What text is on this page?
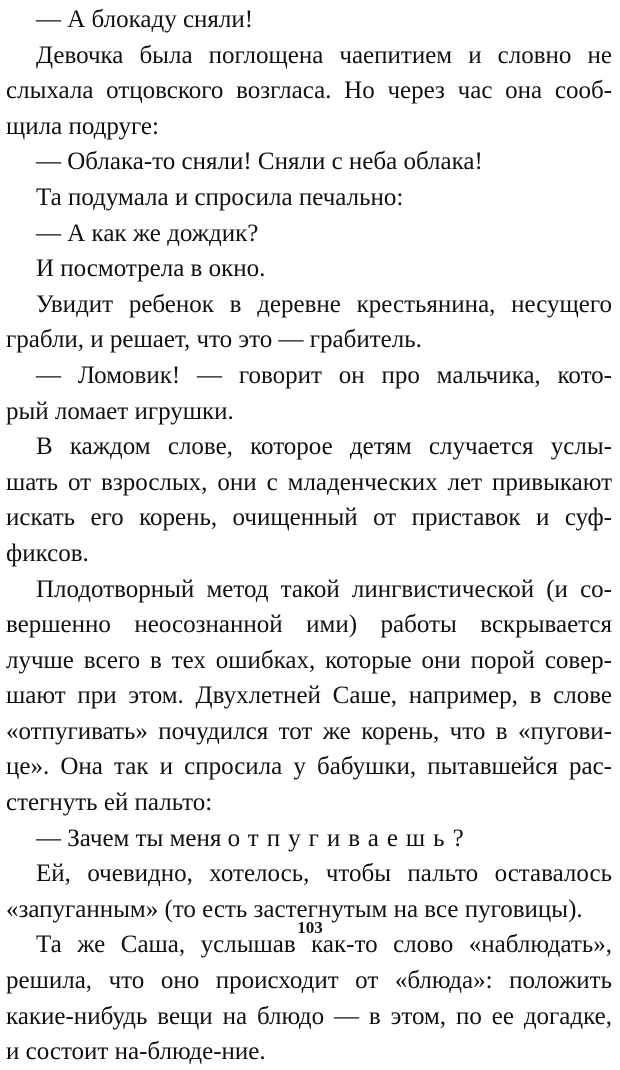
— А блокаду сняли!
Девочка была поглощена чаепитием и словно не
слыхала отцовского возгласа. Но через час она сооб-
щила подруге:
— Облака-то сняли! Сняли с неба облака!
Та подумала и спросила печально:
— А как же дождик?
И посмотрела в окно.
Увидит ребенок в деревне крестьянина, несущего
грабли, и решает, что это — грабитель.
— Ломовик! — говорит он про мальчика, кото-
рый ломает игрушки.
В каждом слове, которое детям случается услы-
шать от взрослых, они с младенческих лет привыкают
искать его корень, очищенный от приставок и суф-
фиксов.
Плодотворный метод такой лингвистической (и со-
вершенно неосознанной ими) работы вскрывается
лучше всего в тех ошибках, которые они порой совер-
шают при этом. Двухлетней Саше, например, в слове
«отпугивать» почудился тот же корень, что в «пугови-
це». Она так и спросила у бабушки, пытавшейся рас-
стегнуть ей пальто:
— Зачем ты меня отпугиваешь?
Ей, очевидно, хотелось, чтобы пальто оставалось
«запуганным» (то есть застегнутым на все пуговицы).
Та же Саша, услышав как-то слово «наблюдать»,
решила, что оно происходит от «блюда»: положить
какие-нибудь вещи на блюдо — в этом, по ее догадке,
и состоит на-блюде-ние.
103
